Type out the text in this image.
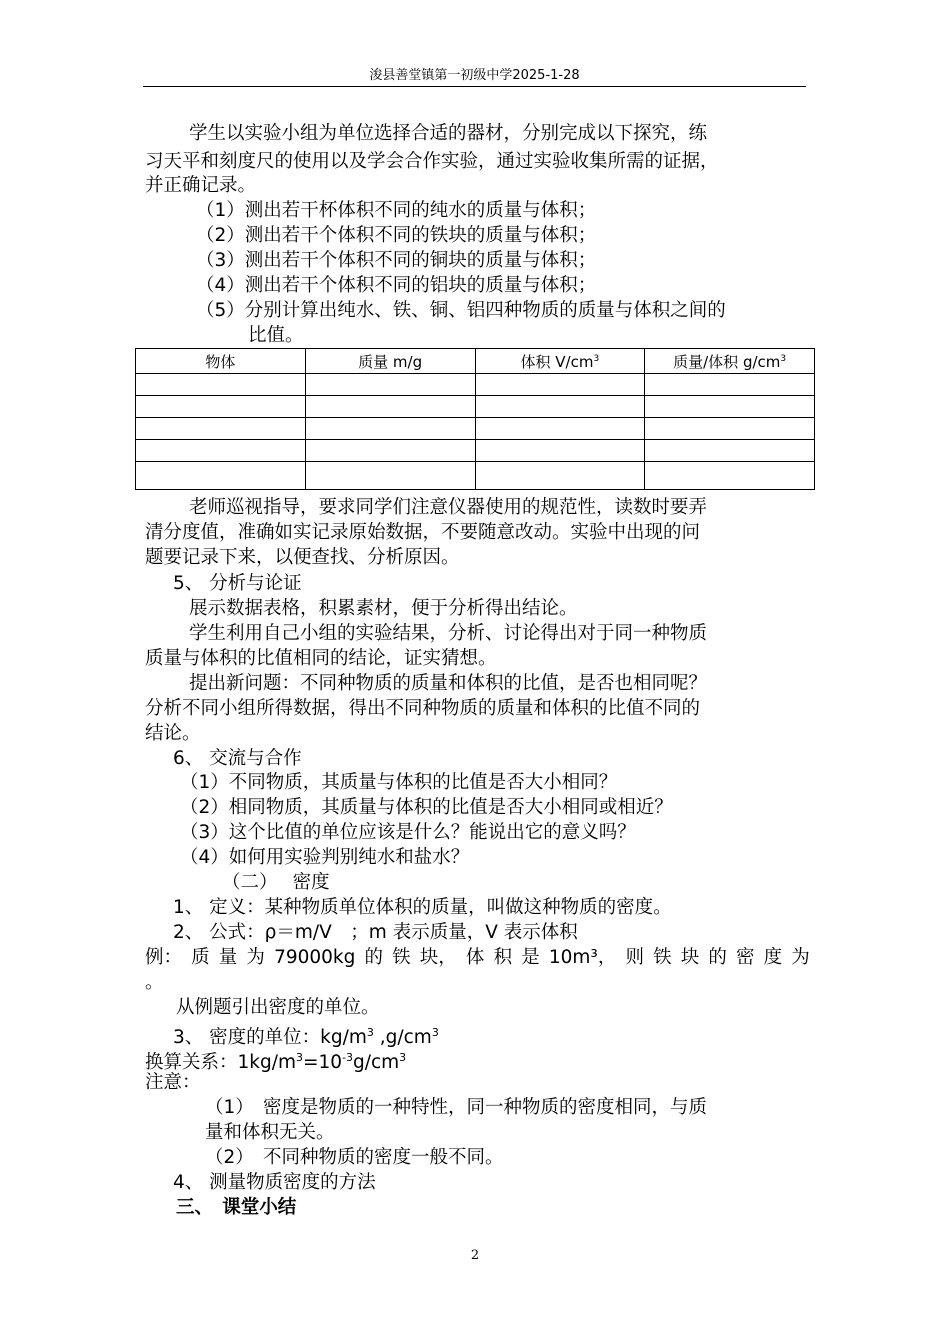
浚县善堂镇第一初级中学2025-1-28
学生以实验小组为单位选择合适的器材，分别完成以下探究，练
习天平和刻度尺的使用以及学会合作实验，通过实验收集所需的证据，
并正确记录。
（1）测出若干杯体积不同的纯水的质量与体积；
（2）测出若干个体积不同的铁块的质量与体积；
（3）测出若干个体积不同的铜块的质量与体积；
（4）测出若干个体积不同的铝块的质量与体积；
（5）分别计算出纯水、铁、铜、铝四种物质的质量与体积之间的
比值。
物体	质量 m/g	体积 $V/cm^3$	质量/体积 $g/cm^3$

老师巡视指导，要求同学们注意仪器使用的规范性，读数时要弄
清分度值，准确如实记录原始数据，不要随意改动。实验中出现的问
题要记录下来，以便查找、分析原因。
5、 分析与论证
展示数据表格，积累素材，便于分析得出结论。
学生利用自己小组的实验结果，分析、讨论得出对于同一种物质
质量与体积的比值相同的结论，证实猜想。
提出新问题：不同种物质的质量和体积的比值，是否也相同呢？
分析不同小组所得数据，得出不同种物质的质量和体积的比值不同的
结论。
6、 交流与合作
（1）不同物质，其质量与体积的比值是否大小相同？
（2）相同物质，其质量与体积的比值是否大小相同或相近？
（3）这个比值的单位应该是什么？能说出它的意义吗？
（4）如何用实验判别纯水和盐水？
（二）　 密度
1、 定义：某种物质单位体积的质量，叫做这种物质的密度。
2、 公式：ρ＝m/V　；m 表示质量，V 表示体积
例： 质 量 为 79000kg 的 铁 块， 体 积 是 10m³， 则 铁 块 的 密 度 为
。
从例题引出密度的单位。
3、 密度的单位：$kg/m^3$ $,g/cm^3$
换算关系：$1kg/m^3=10^{-3}g/cm^3$
注意：
（1）　密度是物质的一种特性，同一种物质的密度相同，与质
量和体积无关。
（2）　不同种物质的密度一般不同。
4、 测量物质密度的方法
三、　课堂小结
2
